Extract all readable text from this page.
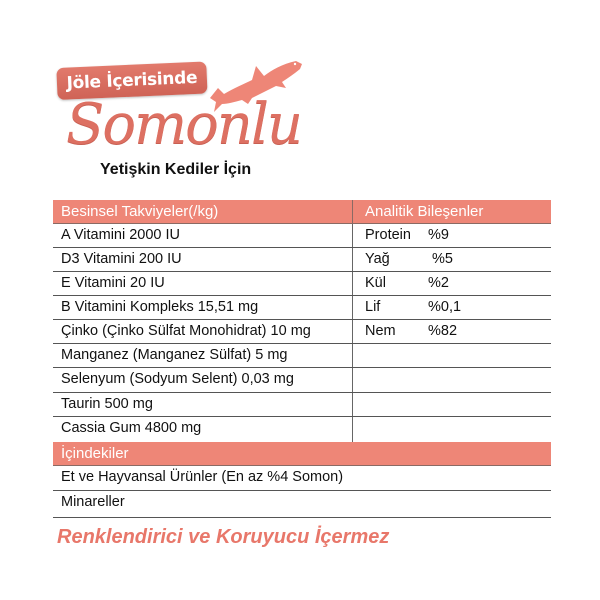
Jöle İçerisinde
Somonlu
Yetişkin Kediler İçin
Besinsel Takviyeler(/kg)	Analitik Bileşenler
A Vitamini 2000 IU	Protein	%9
D3 Vitamini 200 IU	Yağ	%5
E Vitamini 20 IU	Kül	%2
B Vitamini Kompleks 15,51 mg	Lif	%0,1
Çinko (Çinko Sülfat Monohidrat) 10 mg	Nem	%82
Manganez (Manganez Sülfat) 5 mg
Selenyum (Sodyum Selent) 0,03 mg
Taurin 500 mg
Cassia Gum 4800 mg
İçindekiler
Et ve Hayvansal Ürünler (En az %4 Somon)
Minareller
Renklendirici ve Koruyucu İçermez
